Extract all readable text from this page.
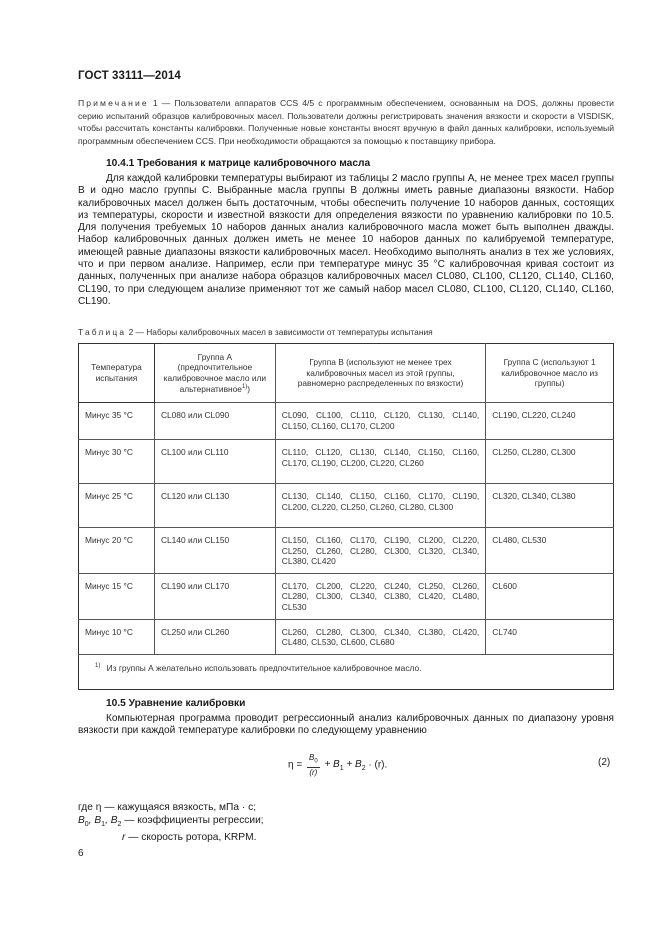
ГОСТ 33111—2014
Примечание 1 — Пользователи аппаратов CCS 4/5 с программным обеспечением, основанным на DOS, должны провести серию испытаний образцов калибровочных масел. Пользователи должны регистрировать значения вязкости и скорости в VISDISK, чтобы рассчитать константы калибровки. Полученные новые константы вносят вручную в файл данных калибровки, используемый программным обеспечением CCS. При необходимости обращаются за помощью к поставщику прибора.
10.4.1 Требования к матрице калибровочного масла
Для каждой калибровки температуры выбирают из таблицы 2 масло группы А, не менее трех масел группы В и одно масло группы С. Выбранные масла группы В должны иметь равные диапазоны вязкости. Набор калибровочных масел должен быть достаточным, чтобы обеспечить получение 10 наборов данных, состоящих из температуры, скорости и известной вязкости для определения вязкости по уравнению калибровки по 10.5. Для получения требуемых 10 наборов данных анализ калибровочного масла может быть выполнен дважды. Набор калибровочных данных должен иметь не менее 10 наборов данных по калибруемой температуре, имеющей равные диапазоны вязкости калибровочных масел. Необходимо выполнять анализ в тех же условиях, что и при первом анализе. Например, если при температуре минус 35 °С калибровочная кривая состоит из данных, полученных при анализе набора образцов калибровочных масел CL080, CL100, CL120, CL140, CL160, CL190, то при следующем анализе применяют тот же самый набор масел CL080, CL100, CL120, CL140, CL160, CL190.
Таблица 2 — Наборы калибровочных масел в зависимости от температуры испытания
Температура испытания	Группа А (предпочтительное калибровочное масло или альтернативное$^{1)}$)	Группа В (используют не менее трех калибровочных масел из этой группы, равномерно распределенных по вязкости)	Группа С (используют 1 калибровочное масло из группы)

Минус 35 °С	CL080 или CL090	CL090, CL100, CL110, CL120, CL130, CL140, CL150, CL160, CL170, CL200	CL190, CL220, CL240

Минус 30 °С	CL100 или CL110	CL110, CL120, CL130, CL140, CL150, CL160, CL170, CL190, CL200, CL220, CL260	CL250, CL280, CL300

Минус 25 °С	CL120 или CL130	CL130, CL140, CL150, CL160, CL170, CL190, CL200, CL220, CL250, CL260, CL280, CL300	CL320, CL340, CL380

Минус 20 °С	CL140 или CL150	CL150, CL160, CL170, CL190, CL200, CL220, CL250, CL260, CL280, CL300, CL320, CL340, CL380, CL420	CL480, CL530

Минус 15 °С	CL190 или CL170	CL170, CL200, CL220, CL240, CL250, CL260, CL280, CL300, CL340, CL380, CL420, CL480, CL530	CL600

Минус 10 °С	CL250 или CL260	CL260, CL280, CL300, CL340, CL380, CL420, CL480, CL530, CL600, CL680	CL740

$^{1)}$ Из группы А желательно использовать предпочтительное калибровочное масло.			
10.5 Уравнение калибровки
Компьютерная программа проводит регрессионный анализ калибровочных данных по диапазону уровня вязкости при каждой температуре калибровки по следующему уравнению
$\eta = \frac{B_0}{(r)} + B_1 + B_2 \cdot (r)$.	(2)
где η — кажущаяся вязкость, мПа · с;
$B_0$, $B_1$, $B_2$ — коэффициенты регрессии;
r — скорость ротора, KRPM.
6
